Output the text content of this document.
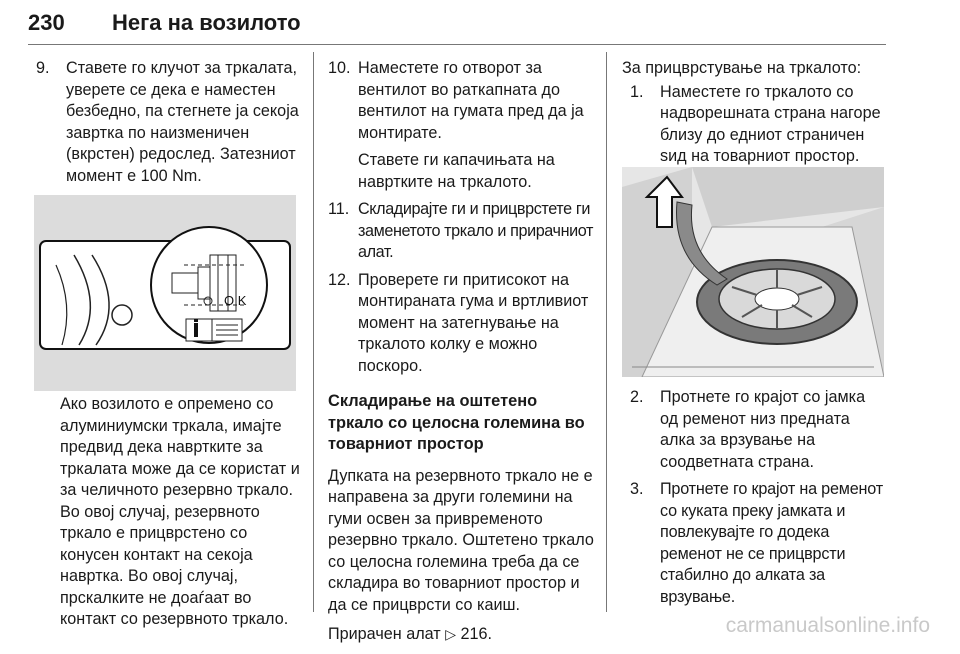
230 Нега на возилото
9. Ставете го клучот за тркалата, уверете се дека е наместен безбедно, па стегнете ја секоја завртка по наизменичен (вкрстен) редослед. Затезниот момент е 100 Nm.

O K

Ако возилото е опремено со алуминиумски тркала, имајте предвид дека навртките за тркалата може да се користат и за челичното резервно тркало. Во овој случај, резервното тркало е прицврстено со конусен контакт на секоја навртка. Во овој случај, прскалките не доаѓаат во контакт со резервното тркало.

10. Наместете го отворот за вентилот во раткапната до вентилот на гумата пред да ја монтирате.

Ставете ги капачињата на навртките на тркалото.

11. Складирајте ги и прицврстете ги заменетото тркало и прирачниот алат.

12. Проверете ги притисокот на монтираната гума и вртливиот момент на затегнување на тркалото колку е можно поскоро.

Складирање на оштетено тркало со целосна големина во товарниот простор

Дупката на резервното тркало не е направена за други големини на гуми освен за привременото резервно тркало. Оштетено тркало со целосна големина треба да се складира во товарниот простор и да се прицврсти со каиш.

Прирачен алат ▷ 216.

За прицврстување на тркалото:

1. Наместете го тркалото со надворешната страна нагоре близу до едниот страничен ѕид на товарниот простор.

2. Протнете го крајот со јамка од ременот низ предната алка за врзување на соодветната страна.

3. Протнете го крајот на ременот со куката преку јамката и повлекувајте го додека ременот не се прицврсти стабилно до алката за врзување.

carmanualsonline.info
